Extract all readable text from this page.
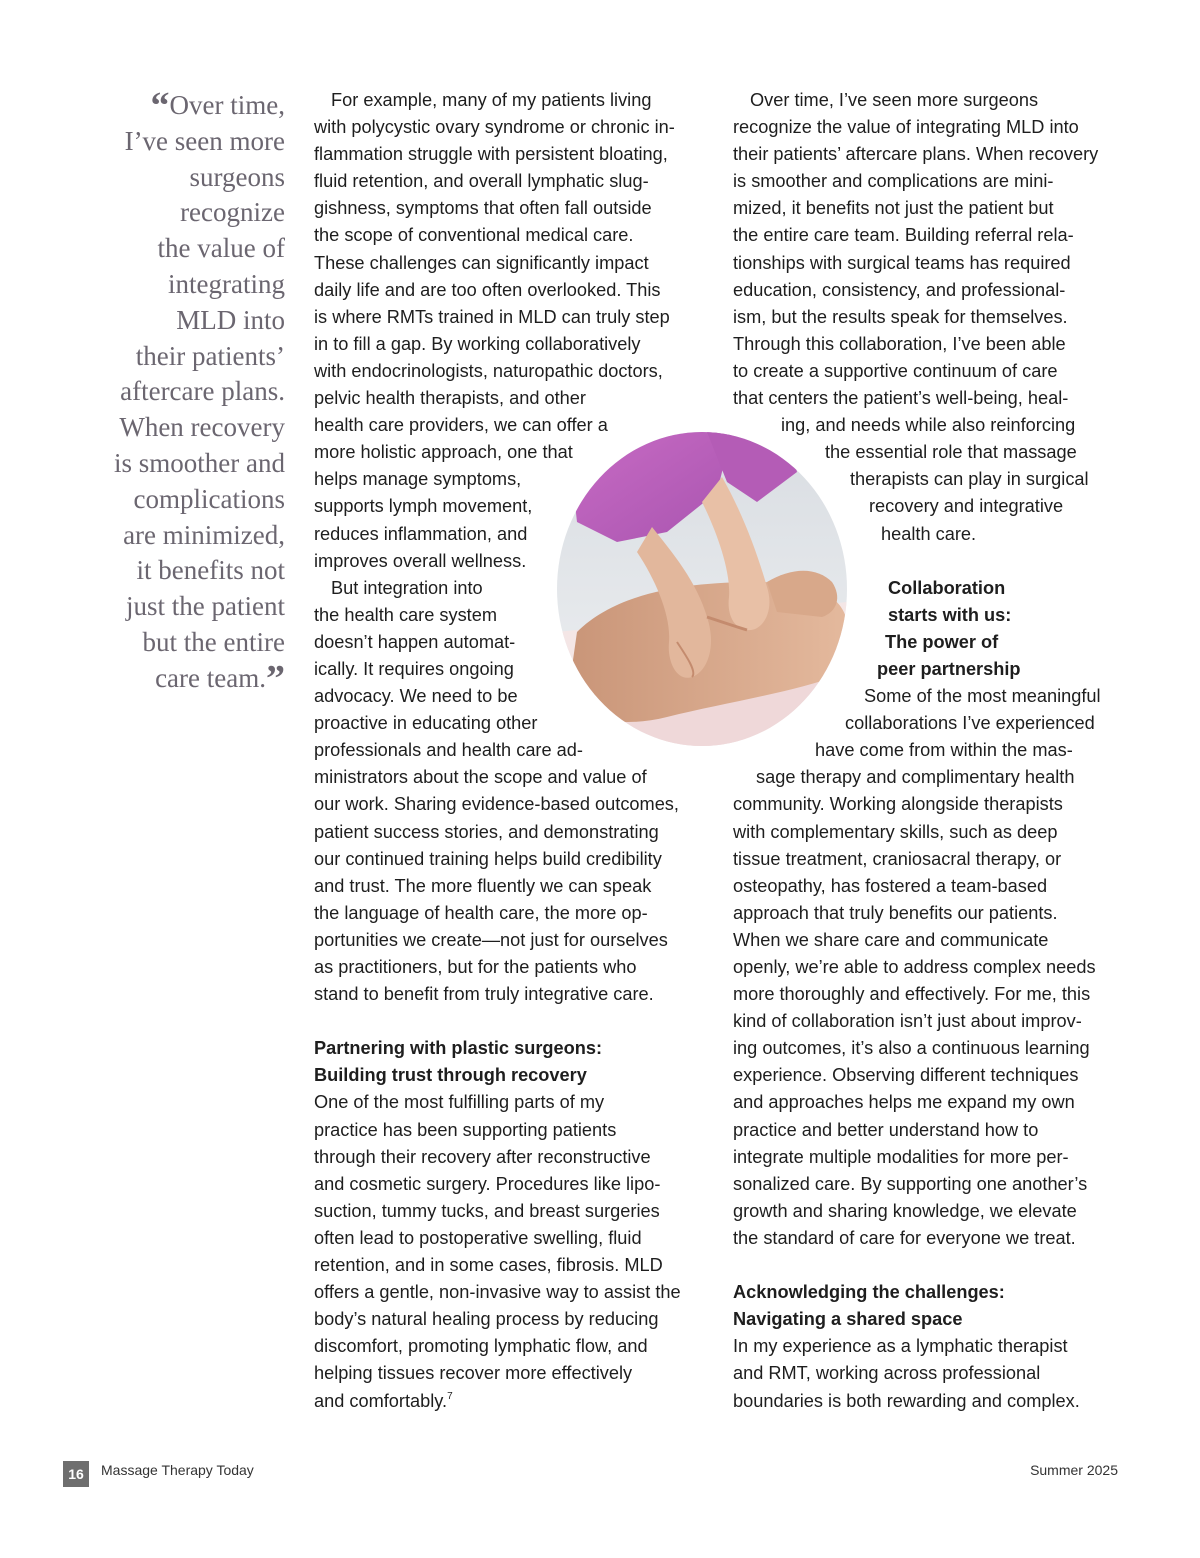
“Over time,
I’ve seen more
surgeons
recognize
the value of
integrating
MLD into
their patients’
aftercare plans.
When recovery
is smoother and
complications
are minimized,
it benefits not
just the patient
but the entire
care team.”
For example, many of my patients living
with polycystic ovary syndrome or chronic in-
flammation struggle with persistent bloating,
fluid retention, and overall lymphatic slug-
gishness, symptoms that often fall outside
the scope of conventional medical care.
These challenges can significantly impact
daily life and are too often overlooked. This
is where RMTs trained in MLD can truly step
in to fill a gap. By working collaboratively
with endocrinologists, naturopathic doctors,
pelvic health therapists, and other
health care providers, we can offer a
more holistic approach, one that
helps manage symptoms,
supports lymph movement,
reduces inflammation, and
improves overall wellness.
But integration into
the health care system
doesn’t happen automat-
ically. It requires ongoing
advocacy. We need to be
proactive in educating other
professionals and health care ad-
ministrators about the scope and value of
our work. Sharing evidence-based outcomes,
patient success stories, and demonstrating
our continued training helps build credibility
and trust. The more fluently we can speak
the language of health care, the more op-
portunities we create—not just for ourselves
as practitioners, but for the patients who
stand to benefit from truly integrative care.
Partnering with plastic surgeons:
Building trust through recovery
One of the most fulfilling parts of my
practice has been supporting patients
through their recovery after reconstructive
and cosmetic surgery. Procedures like lipo-
suction, tummy tucks, and breast surgeries
often lead to postoperative swelling, fluid
retention, and in some cases, fibrosis. MLD
offers a gentle, non-invasive way to assist the
body’s natural healing process by reducing
discomfort, promoting lymphatic flow, and
helping tissues recover more effectively
and comfortably.$^7$
Over time, I’ve seen more surgeons
recognize the value of integrating MLD into
their patients’ aftercare plans. When recovery
is smoother and complications are mini-
mized, it benefits not just the patient but
the entire care team. Building referral rela-
tionships with surgical teams has required
education, consistency, and professional-
ism, but the results speak for themselves.
Through this collaboration, I’ve been able
to create a supportive continuum of care
that centers the patient’s well-being, heal-
ing, and needs while also reinforcing
the essential role that massage
therapists can play in surgical
recovery and integrative
health care.
Collaboration
starts with us:
The power of
peer partnership
Some of the most meaningful
collaborations I’ve experienced
have come from within the mas-
sage therapy and complimentary health
community. Working alongside therapists
with complementary skills, such as deep
tissue treatment, craniosacral therapy, or
osteopathy, has fostered a team-based
approach that truly benefits our patients.
When we share care and communicate
openly, we’re able to address complex needs
more thoroughly and effectively. For me, this
kind of collaboration isn’t just about improv-
ing outcomes, it’s also a continuous learning
experience. Observing different techniques
and approaches helps me expand my own
practice and better understand how to
integrate multiple modalities for more per-
sonalized care. By supporting one another’s
growth and sharing knowledge, we elevate
the standard of care for everyone we treat.
Acknowledging the challenges:
Navigating a shared space
In my experience as a lymphatic therapist
and RMT, working across professional
boundaries is both rewarding and complex.
16	Massage Therapy Today	Summer 2025
